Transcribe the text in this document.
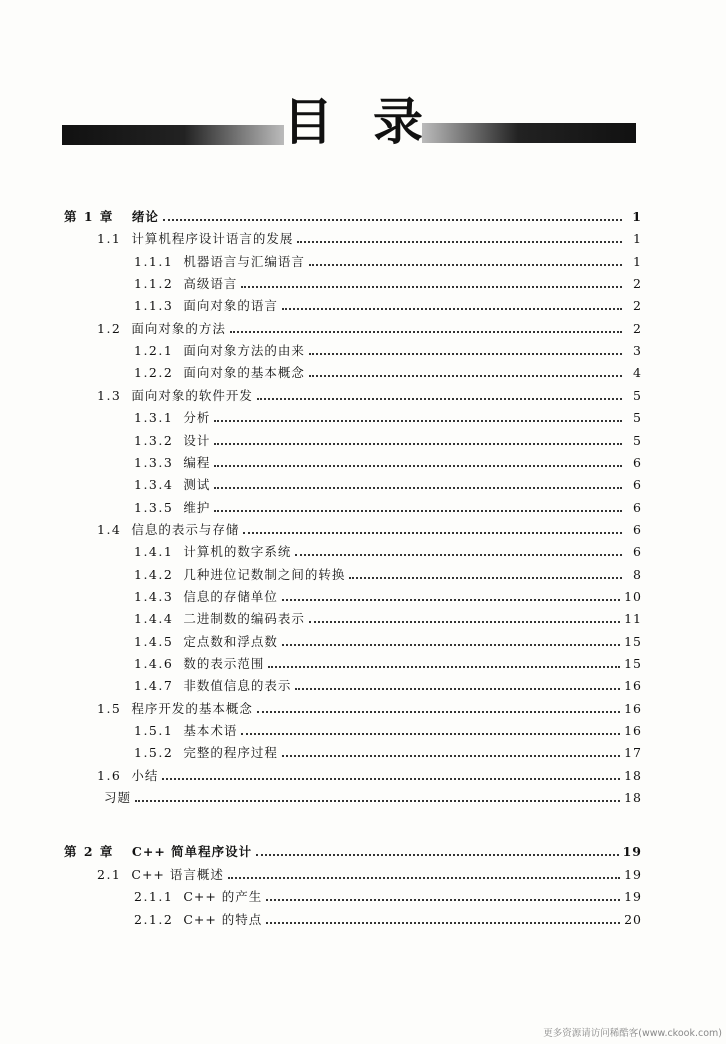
目录
第 1 章 绪论	1
1.1 计算机程序设计语言的发展	1
1.1.1 机器语言与汇编语言	1
1.1.2 高级语言	2
1.1.3 面向对象的语言	2
1.2 面向对象的方法	2
1.2.1 面向对象方法的由来	3
1.2.2 面向对象的基本概念	4
1.3 面向对象的软件开发	5
1.3.1 分析	5
1.3.2 设计	5
1.3.3 编程	6
1.3.4 测试	6
1.3.5 维护	6
1.4 信息的表示与存储	6
1.4.1 计算机的数字系统	6
1.4.2 几种进位记数制之间的转换	8
1.4.3 信息的存储单位	10
1.4.4 二进制数的编码表示	11
1.4.5 定点数和浮点数	15
1.4.6 数的表示范围	15
1.4.7 非数值信息的表示	16
1.5 程序开发的基本概念	16
1.5.1 基本术语	16
1.5.2 完整的程序过程	17
1.6 小结	18
习题	18
第 2 章 C++ 简单程序设计	19
2.1 C++ 语言概述	19
2.1.1 C++ 的产生	19
2.1.2 C++ 的特点	20
更多资源请访问稀酷客(www.ckook.com)
